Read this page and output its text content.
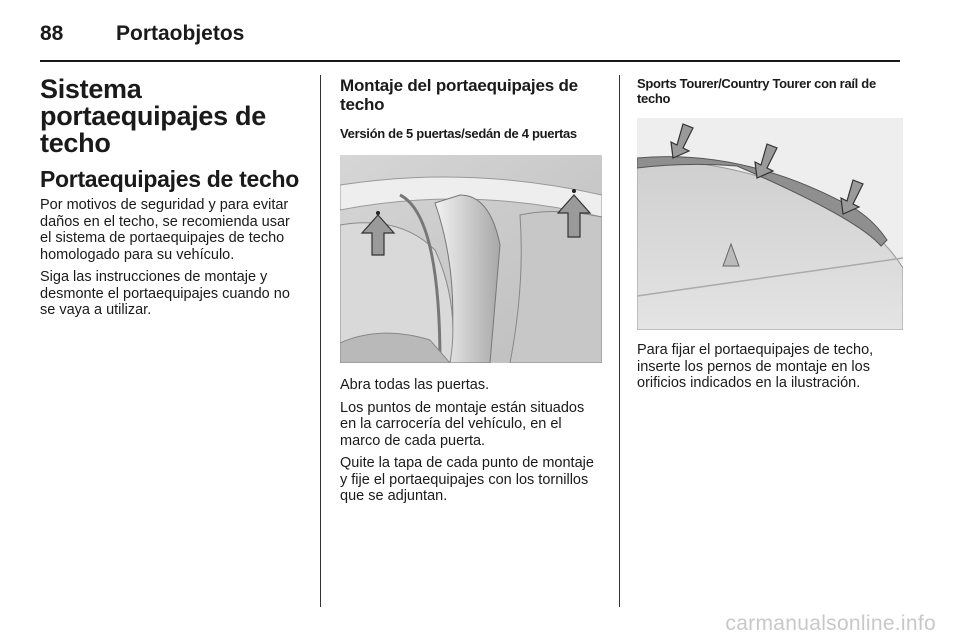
88	Portaobjetos
Sistema portaequipajes de techo
Portaequipajes de techo

Por motivos de seguridad y para evitar daños en el techo, se recomienda usar el sistema de portaequipajes de techo homologado para su vehículo.

Siga las instrucciones de montaje y desmonte el portaequipajes cuando no se vaya a utilizar.

Montaje del portaequipajes de techo
Versión de 5 puertas/sedán de 4 puertas

Abra todas las puertas.

Los puntos de montaje están situados en la carrocería del vehículo, en el marco de cada puerta.

Quite la tapa de cada punto de montaje y fije el portaequipajes con los tornillos que se adjuntan.

Sports Tourer/Country Tourer con raíl de techo

Para fijar el portaequipajes de techo, inserte los pernos de montaje en los orificios indicados en la ilustración.

carmanualsonline.info
